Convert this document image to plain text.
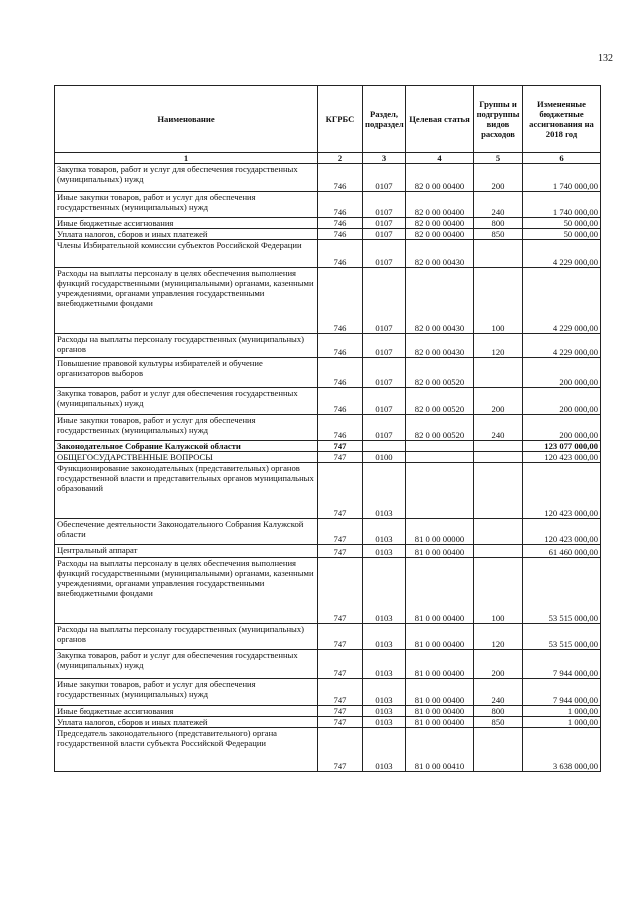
132
Наименование	КГРБС	Раздел, подраздел	Целевая статья	Группы и подгруппы видов расходов	Измененные бюджетные ассигнования на 2018 год
1	2	3	4	5	6
Закупка товаров, работ и услуг для обеспечения государственных (муниципальных) нужд	746	0107	82 0 00 00400	200	1 740 000,00
Иные закупки товаров, работ и услуг для обеспечения государственных (муниципальных) нужд	746	0107	82 0 00 00400	240	1 740 000,00
Иные бюджетные ассигнования	746	0107	82 0 00 00400	800	50 000,00
Уплата налогов, сборов и иных платежей	746	0107	82 0 00 00400	850	50 000,00
Члены Избирательной комиссии субъектов Российской Федерации	746	0107	82 0 00 00430		4 229 000,00
Расходы на выплаты персоналу в целях обеспечения выполнения функций государственными (муниципальными) органами, казенными учреждениями, органами управления государственными внебюджетными фондами	746	0107	82 0 00 00430	100	4 229 000,00
Расходы на выплаты персоналу государственных (муниципальных) органов	746	0107	82 0 00 00430	120	4 229 000,00
Повышение правовой культуры избирателей и обучение организаторов выборов	746	0107	82 0 00 00520		200 000,00
Закупка товаров, работ и услуг для обеспечения государственных (муниципальных) нужд	746	0107	82 0 00 00520	200	200 000,00
Иные закупки товаров, работ и услуг для обеспечения государственных (муниципальных) нужд	746	0107	82 0 00 00520	240	200 000,00
Законодательное Собрание Калужской области	747				123 077 000,00
ОБЩЕГОСУДАРСТВЕННЫЕ ВОПРОСЫ	747	0100			120 423 000,00
Функционирование законодательных (представительных) органов государственной власти и представительных органов муниципальных образований	747	0103			120 423 000,00
Обеспечение деятельности Законодательного Собрания Калужской области	747	0103	81 0 00 00000		120 423 000,00
Центральный аппарат	747	0103	81 0 00 00400		61 460 000,00
Расходы на выплаты персоналу в целях обеспечения выполнения функций государственными (муниципальными) органами, казенными учреждениями, органами управления государственными внебюджетными фондами	747	0103	81 0 00 00400	100	53 515 000,00
Расходы на выплаты персоналу государственных (муниципальных) органов	747	0103	81 0 00 00400	120	53 515 000,00
Закупка товаров, работ и услуг для обеспечения государственных (муниципальных) нужд	747	0103	81 0 00 00400	200	7 944 000,00
Иные закупки товаров, работ и услуг для обеспечения государственных (муниципальных) нужд	747	0103	81 0 00 00400	240	7 944 000,00
Иные бюджетные ассигнования	747	0103	81 0 00 00400	800	1 000,00
Уплата налогов, сборов и иных платежей	747	0103	81 0 00 00400	850	1 000,00
Председатель законодательного (представительного) органа государственной власти субъекта Российской Федерации	747	0103	81 0 00 00410		3 638 000,00
